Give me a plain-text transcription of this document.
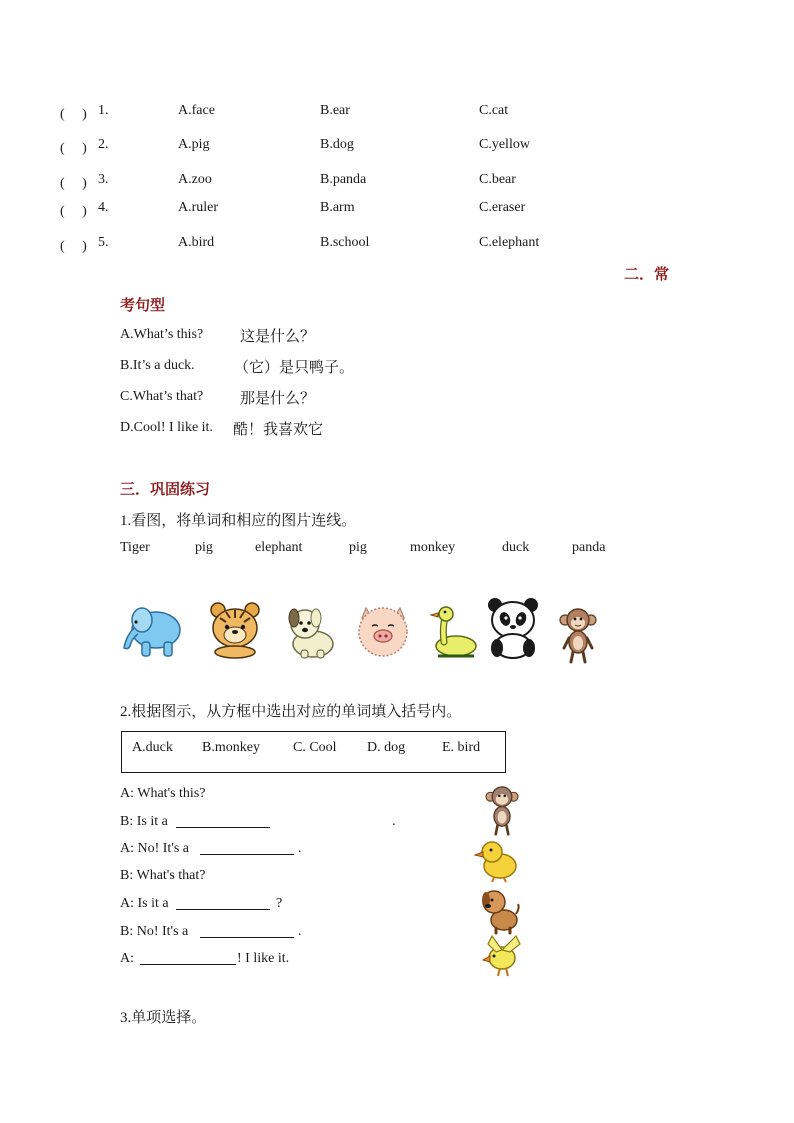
(　 ) 1.	A.face	B.ear	C.cat
(　 ) 2.	A.pig	B.dog	C.yellow
(　 ) 3.	A.zoo	B.panda	C.bear
(　 ) 4.	A.ruler	B.arm	C.eraser
(　 ) 5.	A.bird	B.school	C.elephant
二．常
考句型
A.What’s this? 这是什么？
B.It’s a duck.	（它）是只鸭子。
C.What’s that? 那是什么？
D.Cool! I like it. 酷！我喜欢它
三．巩固练习
1.看图，将单词和相应的图片连线。
Tiger	pig	elephant	pig	monkey	duck	panda
2.根据图示，从方框中选出对应的单词填入括号内。
A.duck B.monkey C. Cool D. dog	E. bird
A: What's this?
B: Is it a	.
A: No! It's a	.
B: What's that?
A: Is it a	?
B: No! It's a	.
A:	! I like it.
3.单项选择。
